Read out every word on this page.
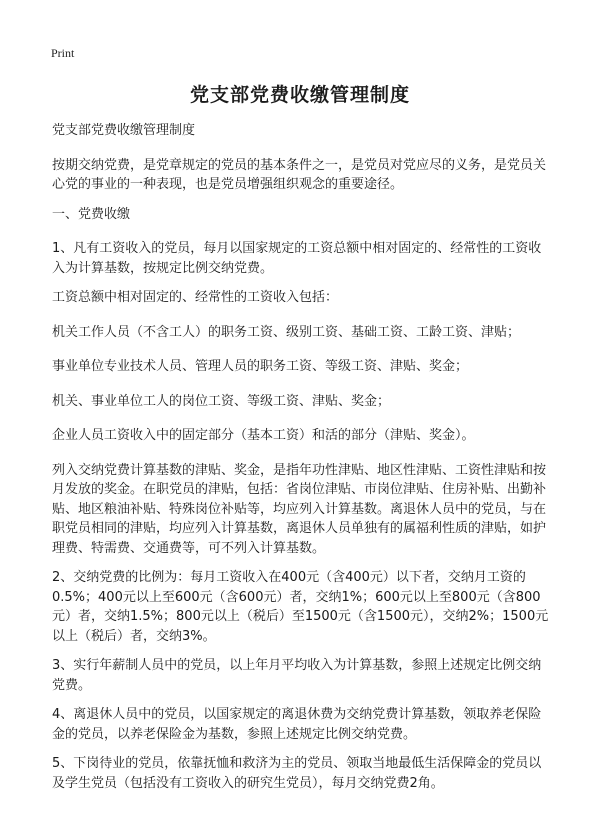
Print
党支部党费收缴管理制度

党支部党费收缴管理制度

按期交纳党费，是党章规定的党员的基本条件之一，是党员对党应尽的义务，是党员关心党的事业的一种表现，也是党员增强组织观念的重要途径。

一、党费收缴

1、凡有工资收入的党员，每月以国家规定的工资总额中相对固定的、经常性的工资收入为计算基数，按规定比例交纳党费。

工资总额中相对固定的、经常性的工资收入包括：

机关工作人员（不含工人）的职务工资、级别工资、基础工资、工龄工资、津贴；

事业单位专业技术人员、管理人员的职务工资、等级工资、津贴、奖金；

机关、事业单位工人的岗位工资、等级工资、津贴、奖金；

企业人员工资收入中的固定部分（基本工资）和活的部分（津贴、奖金）。

列入交纳党费计算基数的津贴、奖金，是指年功性津贴、地区性津贴、工资性津贴和按月发放的奖金。在职党员的津贴，包括：省岗位津贴、市岗位津贴、住房补贴、出勤补贴、地区粮油补贴、特殊岗位补贴等，均应列入计算基数。离退休人员中的党员，与在职党员相同的津贴，均应列入计算基数，离退休人员单独有的属福利性质的津贴，如护理费、特需费、交通费等，可不列入计算基数。

2、交纳党费的比例为：每月工资收入在400元（含400元）以下者，交纳月工资的0.5%；400元以上至600元（含600元）者，交纳1%；600元以上至800元（含800元）者，交纳1.5%；800元以上（税后）至1500元（含1500元），交纳2%；1500元以上（税后）者，交纳3%。

3、实行年薪制人员中的党员，以上年月平均收入为计算基数，参照上述规定比例交纳党费。

4、离退休人员中的党员，以国家规定的离退休费为交纳党费计算基数，领取养老保险金的党员，以养老保险金为基数，参照上述规定比例交纳党费。

5、下岗待业的党员，依靠抚恤和救济为主的党员、领取当地最低生活保障金的党员以及学生党员（包括没有工资收入的研究生党员），每月交纳党费2角。
